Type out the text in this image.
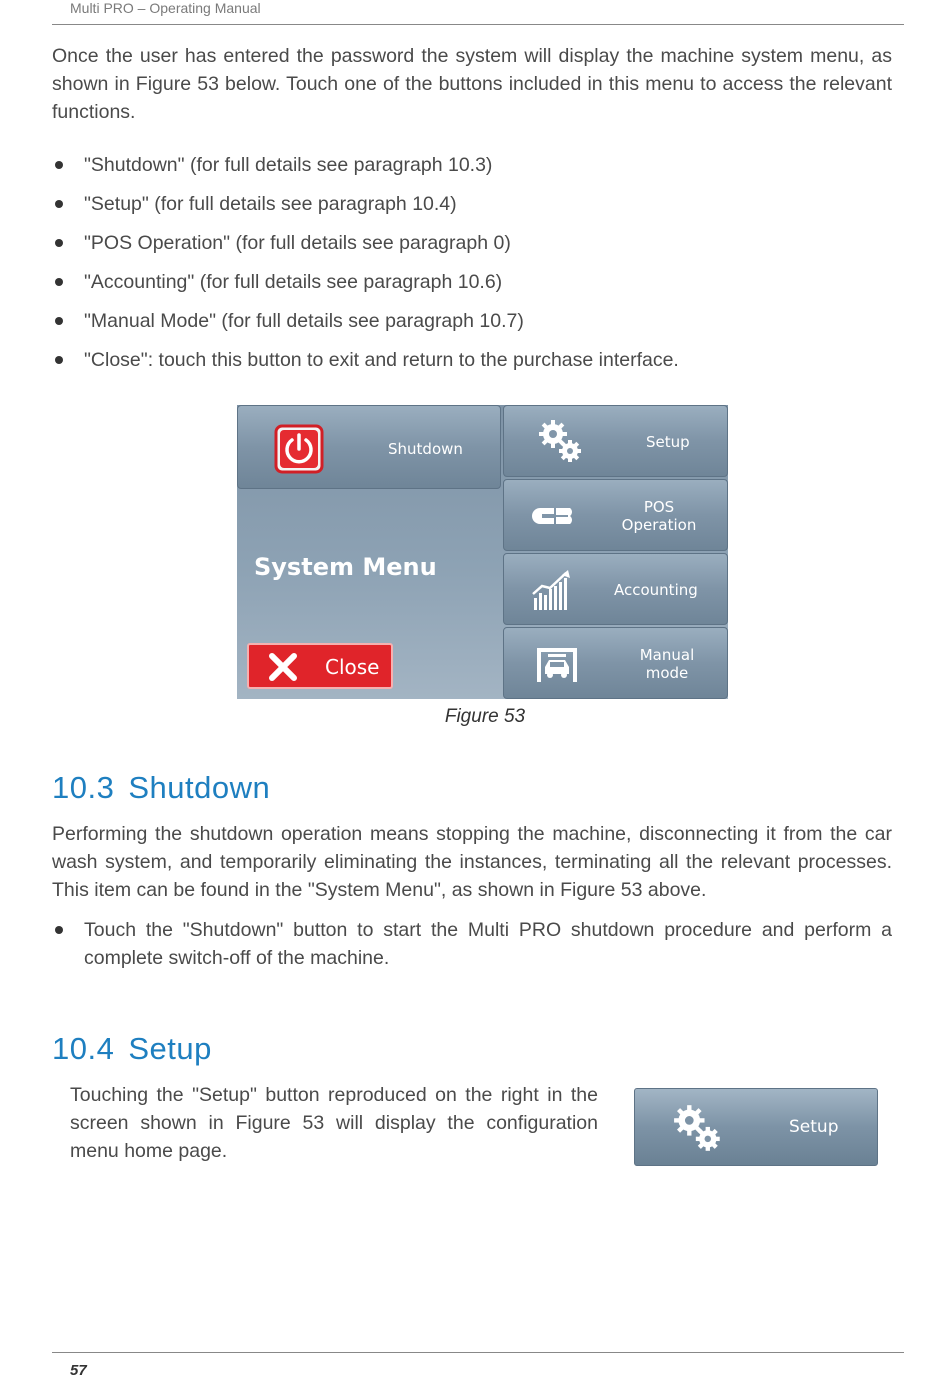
Multi PRO – Operating Manual

Once the user has entered the password the system will display the machine system menu, as shown in Figure 53 below. Touch one of the buttons included in this menu to access the relevant functions.

"Shutdown" (for full details see paragraph 10.3)
"Setup" (for full details see paragraph 10.4)
"POS Operation" (for full details see paragraph 0)
"Accounting" (for full details see paragraph 10.6)
"Manual Mode" (for full details see paragraph 10.7)
"Close": touch this button to exit and return to the purchase interface.
Shutdown	Setup
POS
Operation
Accounting
Manual
mode
System Menu
Close
Figure 53
10.3 Shutdown

Performing the shutdown operation means stopping the machine, disconnecting it from the car wash system, and temporarily eliminating the instances, terminating all the relevant processes. This item can be found in the "System Menu", as shown in Figure 53 above.

Touch the "Shutdown" button to start the Multi PRO shutdown procedure and perform a complete switch-off of the machine.
10.4 Setup

Touching the "Setup" button reproduced on the right in the screen shown in Figure 53 will display the configuration menu home page.

Setup
57
